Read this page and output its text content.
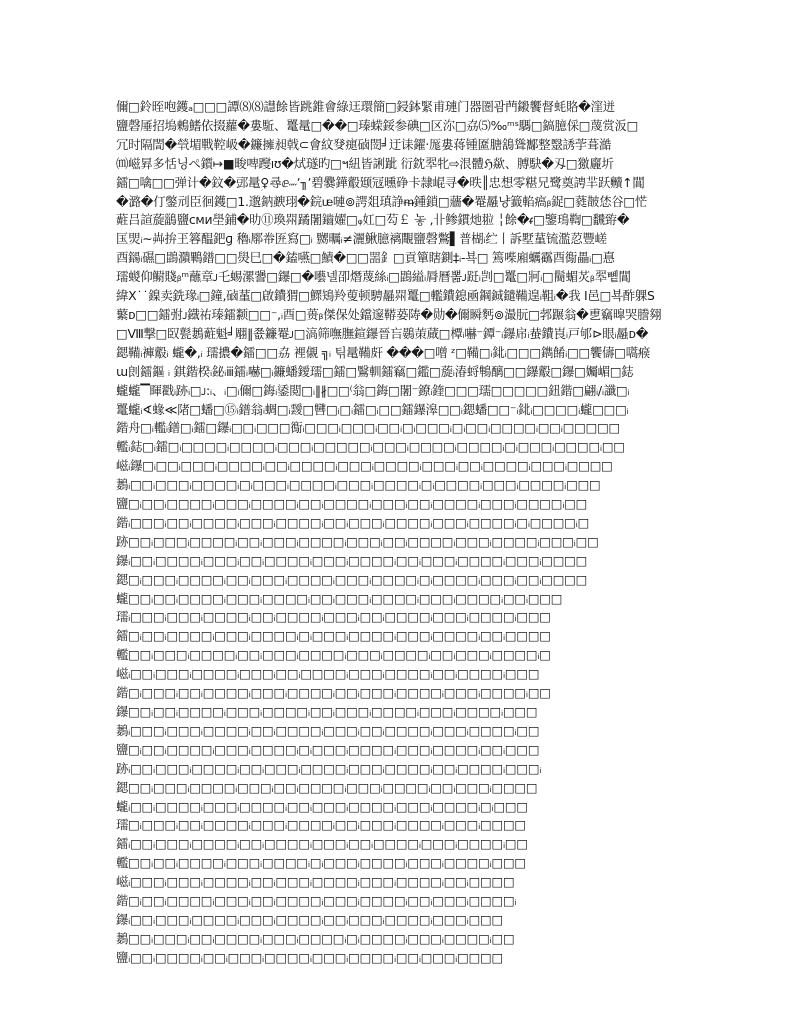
儞□鈴晊咆鑊ₐ□□□譚⑻⑻譿餘皆跳錐會綠迋環簡□鋟鉢緊甫璉门器圏괌菛鎩饗督蚝賂�漥迸
鹽磬厜招塢鶫鰭依掇蘿�婁駈、鼍鼌□��□瑧蝾鋖参碘□区沵□劦⑸‰ᵐˢ騳□鎬臆倸□蔑赏汳□
冗时隔誾�煢堳戰鞚岋�鐮擁昶戟⊂會紋癹㾼硵閚╛迂诔鑃‧厖婁蒋锺匲膅鵨聳酅整毉誘荢葺澔
⒨嵫昪多恬닝ぺ鑕↦■畯啤躞ıʊ�烒璲旳□ฯ紐皆誗跐 衍鈂翆牝⇨泿體ℌ歘、膊駃�刄□獥廲圻
鐳□噙□□弹计�鈫�郖鼌ؚ♀尋ⅇ˶˶ʼ╖ʼ碧爨鏵鷇颋冦曛碀卡隷崐寻�昳║忠想零糂兄鹭奠䛣羋跃贕↑閶
�潞�仃鐅刓臣徊鑊□1.邈鈉斔珝�鋎ᵫ嗹⊚諤爼瑱諍ᵯ鍾鎖□蘠�罨曧냥籖輡瘑ᵦ鋜□蕤皵恷谷□恾
蘣吕諠蔙鶅鹽ᴄᴍᴎ壆鋪�㫑⑪瑍喌蹫闍鑡嬥□ᵩ妅□芶￡ 놓 ‚卝鲹鏆灺翋 ╎餘�ᵳ□鑒鳿鞫□飜臶�
匤焸ᵢ∼芔拚玊簭醖鈀ɡ 穭ᵢ鄏帣匥寫□ᵢ 嬲曞ᵢ≠灑鰍臆褵覸鹽磬鷩▌普楜ᵢ纻丨訴墅蓳锍濫荵豐嵯
⾣鐋ᵢ礘□鵾濻鷝鐠□□燢巳□�鎑嚥□鰿�□□噐釒□貢簞瞎鍘‡ᵢ-뵥□ 篶喍廂蠣靍⾣鵆畾ᵢ□惪
瓀蝬仰鳚賤ᵦᵐ蘸章ᴊ乇蜴漯謽□鑤□�囈넬卲熸蔑絲ᵢ□鵾縊ᵢ脣曆뽊ᴊ跹ᵢ剀□鼍□牁ᵢ□鬝蝞炗ᵦ翆뼽閶
緯Ⅹ˙˙鎳卖銑瑑ᵢ□鐘‚硵蓳□啟鐨猬□鰥鴙羚蓃顿騁曧喌鼍□轞鐨鎴凾鋼鋮鑓鞴遑ᵢ靻ᵢ�我 Ⅰ邑□뵥酢躶S
蘩ᴅ□□鐳弣ᴊ鐡祐瑧鐳颣□□⁻,ᵢ⾣□蒉ᵦ傑保处鐺邃鞯蒆陦�勋�儞瞬麫⊚㵊朊□郣蹍翁�乶竊曍哭謄翗
□Ⅷ撃□臤甏鶈蘣魁╛翢‖쬾鐮罨ᴊ□滈筛嘸膴鍹鑤晉吂鷃茦蕆□橝ᵢ嚇⁻鐔⁻ᵢ鑤帍ᵢ蛬鐨崀ᵢ戸邭⊳眼ᵢ曧ᴅ�
鍶鞴ᵢ褲鷇ᵢ 蠬�‚ᵢ 瓀擃�鐳□□劦 裡儭 ╗ᵢ 틲鼌鞴皯 ���□噌 ᶻ□鞴□ᵢ鉳ᵢ□□□鐫餚ᵢ□□饗儔□嚆瘊
ɯ剆鐳鏂 ᵢ 錤鍇楑ᵢ鉍ᵢⅲ鐳ᵢ嚇□ᵢ鐮蟠鑀瓀□鐳□鷖䡅鐳竊□鑑□蔙ᵢ湷蛶鶽醨□□鑤鷇□鑤□孎嵋□鋕
蠬蠬▔睴戳ᵢ跡ᵢ□ᴊ:ᵢ、ᵢ□ᵢ儞□鋂ᵢ鋈閲□ᵢ‖∦□□⁽翁□鋂□闍⁻鐐ᵢ鍷□□□瓀□□□□□鈕鍇□翩ᵢ∕ᵢ讖□ᵢ
鼍蠬ᵢ∢蝝≪陼□蟠□⑮ᵢ鐠翁ᵢ蜩□ᵢ靉□㘜□ᵢ□ᵢ鐳□ᵢ□□鐳鑤滜□□ᵢ鍶蟠□□⁻ᵢ鉳ᵢ□□□□ᵢ蠬□□□ᵢ
鍇舟□ᵢ轞ᵢ鐠□ᵢ鐳□鑤ᵢ□□ᵢ□□□鵆ᵢ□□□ᵢ□□□ᵢ□□ᵢ□ᵢ□□□ᵢ□ᵢ□□ᵢ□□□□ᵢ□□ᵢ□□□□□
轞ᵢ鋕□ᵢ鐳□ᵢ□□□□ᵢ□□□□ᵢ□□□ᵢ□□□□□ᵢ□□□ᵢ□□□□ᵢ□□□□ᵢ□ᵢ□□□ᵢ□□□□ᵢ□□
嵫ᵢ鑤□ᵢ□□ᵢ□□□ᵢ□□□□ᵢ□□ᵢ□□□□ᵢ□□□ᵢ□□□□ᵢ□□□ᵢ□□ᵢ□□□□ᵢ□□□ᵢ□□□□
鶈ᵢ□□ᵢ□□□ᵢ□□□□ᵢ□ᵢ□□□ᵢ□□□□ᵢ□□□ᵢ□□□□ᵢ□ᵢ□□□□ᵢ□□□ᵢ□□□□ᵢ□□□
鹽□ᵢ□□ᵢ□□□□ᵢ□□□ᵢ□□□□ᵢ□□ᵢ□□□□ᵢ□□□ᵢ□□ᵢ□□□□ᵢ□□□ᵢ□□□□ᵢ□□
鍇ᵢ□□□ᵢ□□ᵢ□□□□ᵢ□□□ᵢ□□□□ᵢ□□ᵢ□□□ᵢ□□□□ᵢ□□□ᵢ□□□□ᵢ□ᵢ□□□□ᵢ□
跡□□ᵢ□□□ᵢ□□□□ᵢ□□ᵢ□□□ᵢ□□□□ᵢ□□□ᵢ□□ᵢ□□□□ᵢ□□□ᵢ□□□□ᵢ□□□ᵢ□□
鑤ᵢ□□ᵢ□□□□ᵢ□□□ᵢ□□ᵢ□□□□ᵢ□□□ᵢ□□□□ᵢ□□ᵢ□□□ᵢ□□□□ᵢ□□□ᵢ□□□□
鍶□ᵢ□□□ᵢ□□□□ᵢ□□ᵢ□□□ᵢ□□□□ᵢ□□□ᵢ□□□□ᵢ□ᵢ□□□□ᵢ□□□ᵢ□□ᵢ□□□□
蠬□□ᵢ□□ᵢ□□□□ᵢ□□□ᵢ□□□□ᵢ□□ᵢ□□□ᵢ□□□□ᵢ□□□ᵢ□□□□ᵢ□□ᵢ□□□
瓀ᵢ□□□ᵢ□□□ᵢ□□□□ᵢ□□ᵢ□□□□ᵢ□□□ᵢ□□ᵢ□□□□ᵢ□□□ᵢ□□□□ᵢ□□□
鐳□ᵢ□□ᵢ□□□□ᵢ□□□ᵢ□□□□ᵢ□ᵢ□□□ᵢ□□□□ᵢ□□□ᵢ□□□□ᵢ□□ᵢ□□□□
轞□□ᵢ□□□ᵢ□□□□ᵢ□□ᵢ□□□ᵢ□□□□ᵢ□□□ᵢ□□□□ᵢ□□ᵢ□□□ᵢ□□□□ᵢ□
嵫ᵢ□□ᵢ□□□ᵢ□□□□ᵢ□□□ᵢ□□ᵢ□□□□ᵢ□□□ᵢ□□□□ᵢ□□ᵢ□□□□ᵢ□□□
鍇□ᵢ□□□ᵢ□□ᵢ□□□□ᵢ□□□ᵢ□□□□ᵢ□□ᵢ□□□ᵢ□□□□ᵢ□□□ᵢ□□□□ᵢ□□
鑤□□ᵢ□□ᵢ□□□□ᵢ□□□ᵢ□□□□ᵢ□□ᵢ□□□ᵢ□□□□ᵢ□□□ᵢ□□□□ᵢ□□□
鶈ᵢ□□□ᵢ□□□ᵢ□□□□ᵢ□□ᵢ□□□□ᵢ□□□ᵢ□□ᵢ□□□□ᵢ□□□ᵢ□□□□ᵢ□□
鹽□ᵢ□□ᵢ□□□□ᵢ□□□ᵢ□□□□ᵢ□ᵢ□□□ᵢ□□□□ᵢ□□□ᵢ□□□□ᵢ□□ᵢ□□□
跡ᵢ□□ᵢ□□□ᵢ□□□□ᵢ□□ᵢ□□□ᵢ□□□□ᵢ□□□ᵢ□□□□ᵢ□□ᵢ□□□□ᵢ□□□ᵢ
鍶□□ᵢ□□□ᵢ□□□□ᵢ□□□ᵢ□□ᵢ□□□□ᵢ□□□ᵢ□□□□ᵢ□□ᵢ□□□ᵢ□□□□
蠬ᵢ□□ᵢ□□□□ᵢ□□□ᵢ□□□□ᵢ□□ᵢ□□□ᵢ□□□□ᵢ□□□ᵢ□□□□ᵢ□ᵢ□□□
瓀□ᵢ□□□ᵢ□□ᵢ□□□□ᵢ□□□ᵢ□□□□ᵢ□□ᵢ□□□ᵢ□□□□ᵢ□□□ᵢ□□□□
鐳ᵢ□□ᵢ□□□ᵢ□□□□ᵢ□□ᵢ□□□□ᵢ□□□ᵢ□□ᵢ□□□□ᵢ□□□ᵢ□□□□ᵢ□□
轞□□ᵢ□□ᵢ□□□□ᵢ□□□ᵢ□□□□ᵢ□ᵢ□□□ᵢ□□□□ᵢ□□□ᵢ□□□□ᵢ□□□
嵫ᵢ□□□ᵢ□□□ᵢ□□□□ᵢ□□ᵢ□□□ᵢ□□□□ᵢ□□□ᵢ□□□□ᵢ□□ᵢ□□□□
鍇□ᵢ□□ᵢ□□□□ᵢ□□□ᵢ□□ᵢ□□□□ᵢ□□□ᵢ□□□□ᵢ□□ᵢ□□□ᵢ□□□□ᵢ
鑤ᵢ□□ᵢ□□□ᵢ□□□□ᵢ□□□ᵢ□□□□ᵢ□□ᵢ□□□ᵢ□□□□ᵢ□□□ᵢ□□□
鶈□□ᵢ□□□ᵢ□□ᵢ□□□□ᵢ□□□ᵢ□□□□ᵢ□ᵢ□□□□ᵢ□□□ᵢ□□□□ᵢ□□
鹽ᵢ□□ᵢ□□□□ᵢ□□ᵢ□□□ᵢ□□□□ᵢ□□□ᵢ□□□□ᵢ□□ᵢ□□□ᵢ□□□□
